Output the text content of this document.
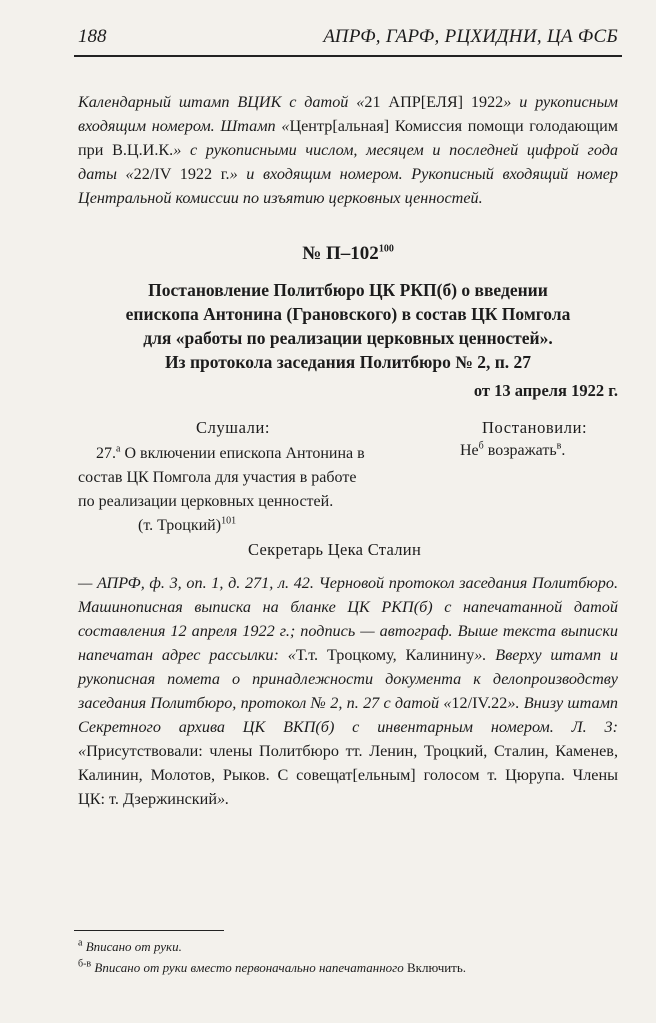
188	АПРФ, ГАРФ, РЦХИДНИ, ЦА ФСБ
Календарный штамп ВЦИК с датой «21 АПР[ЕЛЯ] 1922» и рукописным входящим номером. Штамп «Центр[альная] Комиссия помощи голодающим при В.Ц.И.К.» с рукописными числом, месяцем и последней цифрой года даты «22/IV 1922 г.» и входящим номером. Рукописный входящий номер Центральной комиссии по изъятию церковных ценностей.
№ $П-102^{100}$
Постановление Политбюро ЦК РКП(б) о введении
епископа Антонина (Грановского) в состав ЦК Помгола
для «работы по реализации церковных ценностей».
Из протокола заседания Политбюро № 2, п. 27
от 13 апреля 1922 г.
Слушали:	Постановили:
27.$^а$ О включении епископа Антонина в
состав ЦК Помгола для участия в работе
по реализации церковных ценностей.
(т. Троцкий)$^{101}$
$Не^б$ возражать$^в$.
Секретарь Цека Сталин
— АПРФ, ф. 3, оп. 1, д. 271, л. 42. Черновой протокол заседания Политбюро. Машинописная выписка на бланке ЦК РКП(б) с напечатанной датой составления 12 апреля 1922 г.; подпись — автограф. Выше текста выписки напечатан адрес рассылки: «Т.т. Троцкому, Калинину». Вверху штамп и рукописная помета о принадлежности документа к делопроизводству заседания Политбюро, протокол № 2, п. 27 с датой «12/IV.22». Внизу штамп Секретного архива ЦК ВКП(б) с инвентарным номером. Л. 3: «Присутствовали: члены Политбюро тт. Ленин, Троцкий, Сталин, Каменев, Калинин, Молотов, Рыков. С совещат[ельным] голосом т. Цюрупа. Члены ЦК: т. Дзержинский».
$^а$ Вписано от руки.
$^{б-в}$ Вписано от руки вместо первоначально напечатанного Включить.
